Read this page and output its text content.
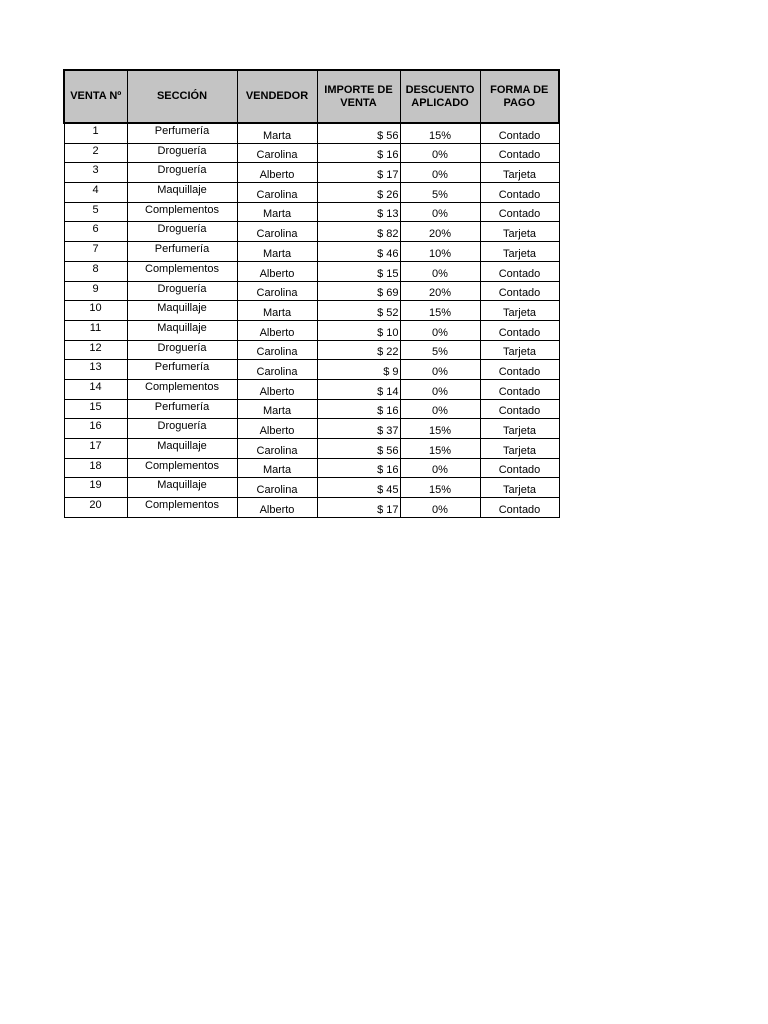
VENTA Nº	SECCIÓN	VENDEDOR	IMPORTE DE VENTA	DESCUENTO APLICADO	FORMA DE PAGO
1	Perfumería	Marta	$ 56	15%	Contado
2	Droguería	Carolina	$ 16	0%	Contado
3	Droguería	Alberto	$ 17	0%	Tarjeta
4	Maquillaje	Carolina	$ 26	5%	Contado
5	Complementos	Marta	$ 13	0%	Contado
6	Droguería	Carolina	$ 82	20%	Tarjeta
7	Perfumería	Marta	$ 46	10%	Tarjeta
8	Complementos	Alberto	$ 15	0%	Contado
9	Droguería	Carolina	$ 69	20%	Contado
10	Maquillaje	Marta	$ 52	15%	Tarjeta
11	Maquillaje	Alberto	$ 10	0%	Contado
12	Droguería	Carolina	$ 22	5%	Tarjeta
13	Perfumería	Carolina	$ 9	0%	Contado
14	Complementos	Alberto	$ 14	0%	Contado
15	Perfumería	Marta	$ 16	0%	Contado
16	Droguería	Alberto	$ 37	15%	Tarjeta
17	Maquillaje	Carolina	$ 56	15%	Tarjeta
18	Complementos	Marta	$ 16	0%	Contado
19	Maquillaje	Carolina	$ 45	15%	Tarjeta
20	Complementos	Alberto	$ 17	0%	Contado
